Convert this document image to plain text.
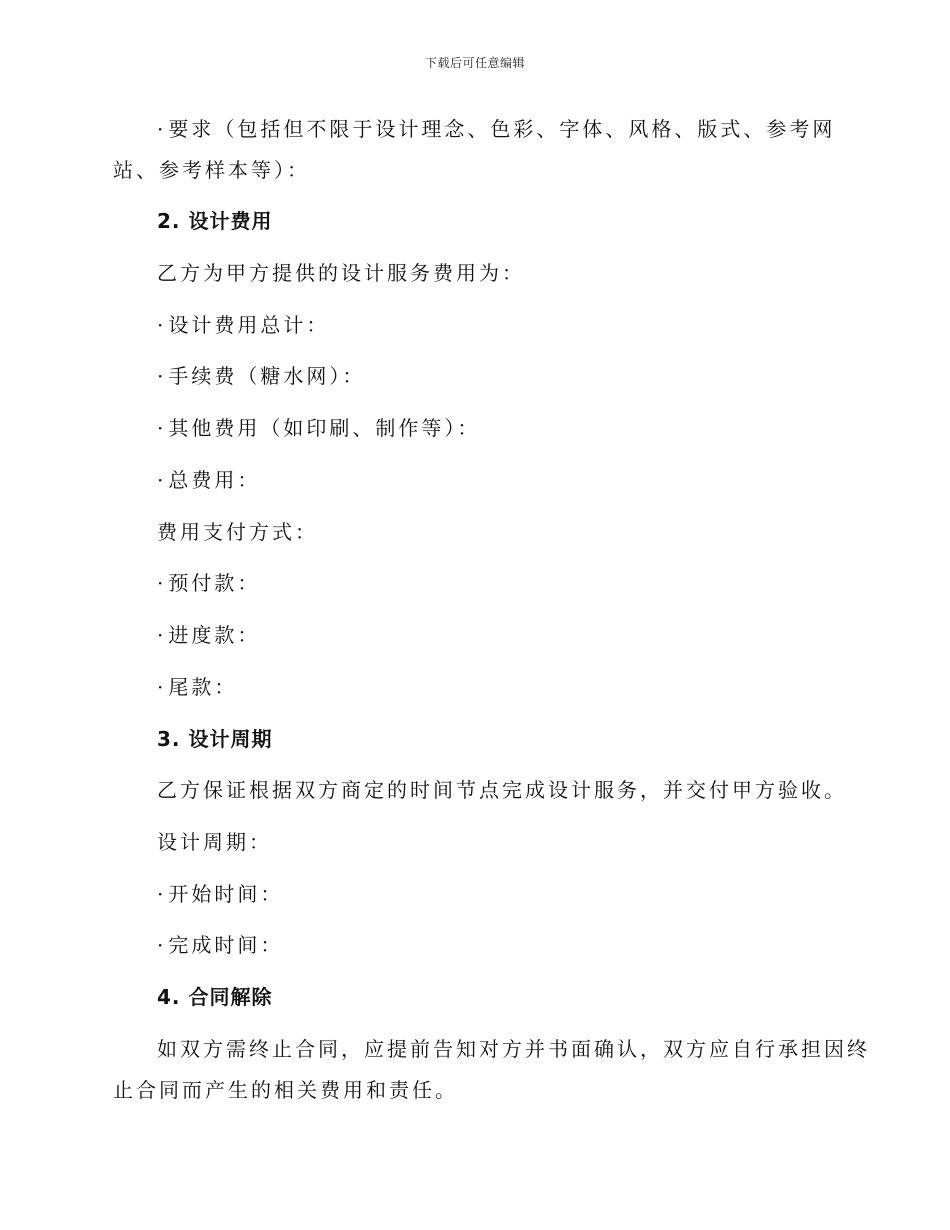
下载后可任意编辑
· 要求（包括但不限于设计理念、色彩、字体、风格、版式、参考网
站、参考样本等）：
2. 设计费用
乙方为甲方提供的设计服务费用为：
· 设计费用总计：
· 手续费（糖水网）：
· 其他费用（如印刷、制作等）：
· 总费用：
费用支付方式：
· 预付款：
· 进度款：
· 尾款：
3. 设计周期
乙方保证根据双方商定的时间节点完成设计服务，并交付甲方验收。
设计周期：
· 开始时间：
· 完成时间：
4. 合同解除
如双方需终止合同，应提前告知对方并书面确认，双方应自行承担因终
止合同而产生的相关费用和责任。
